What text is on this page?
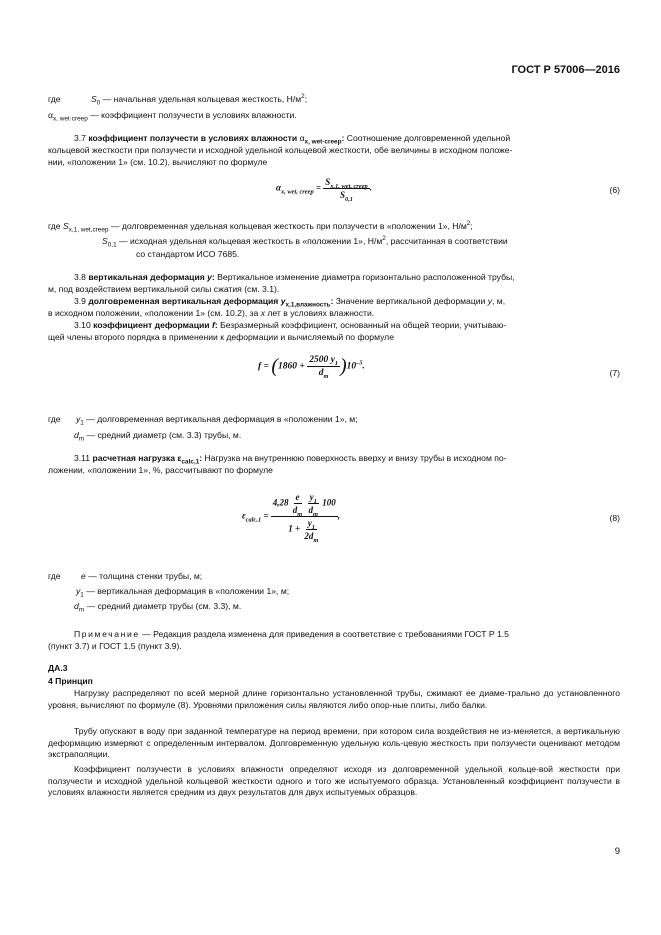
ГОСТ Р 57006—2016
где	$S_0$ — начальная удельная кольцевая жесткость, $Н/м^2$;
$\alpha_{x, wet\cdot creep}$ — коэффициент ползучести в условиях влажности.
3.7 коэффициент ползучести в условиях влажности $\alpha_{x, wet\cdot creep}$: Соотношение долговременной удельной
кольцевой жесткости при ползучести и исходной удельной кольцевой жесткости, обе величины в исходном положе-
нии, «положении 1» (см. 10.2), вычисляют по формуле
$\alpha_{x, wet, creep} = \frac{S_{x,1, wet, creep}}{S_{0,1}}$ .	(6)
где $S_{x,1, wet,creep}$ — долговременная удельная кольцевая жесткость при ползучести в «положении 1», $Н/м^2$;
$S_{0,1}$ — исходная удельная кольцевая жесткость в «положении 1», $Н/м^2$, рассчитанная в соответствии
со стандартом ИСО 7685.
3.8 вертикальная деформация y: Вертикальное изменение диаметра горизонтально расположенной трубы,
м, под воздействием вертикальной силы сжатия (см. 3.1).
3.9 долговременная вертикальная деформация $y_{x,1,влажность}$: Значение вертикальной деформации y, м,
в исходном положении, «положении 1» (см. 10.2), за x лет в условиях влажности.
3.10 коэффициент деформации f: Безразмерный коэффициент, основанный на общей теории, учитываю-
щей члены второго порядка в применении к деформации и вычисляемый по формуле
$f = (1860 + \frac{2500 y_1}{d_m} )10^{-5}$.
(7)
где $y_1$ — долговременная вертикальная деформация в «положении 1», м;
$d_m$ — средний диаметр (см. 3.3) трубы, м.
3.11 расчетная нагрузка $\varepsilon_{calc,1}$: Нагрузка на внутреннюю поверхность вверху и внизу трубы в исходном по-
ложении, «положении 1», %, рассчитывают по формуле
$\varepsilon_{calc,1}$ =
$4,28 \frac{e}{d_m}$
$\frac{y_1}{d_m} 100$
$1 + \frac{y_1}{2d_m}$
,	(8)
где e — толщина стенки трубы, м;
$y_1$ — вертикальная деформация в «положении 1», м;
$d_m$ — средний диаметр трубы (см. 3.3), м.
Примечание — Редакция раздела изменена для приведения в соответствие с требованиями ГОСТ Р 1.5
(пункт 3.7) и ГОСТ 1.5 (пункт 3.9).
ДА.3
4 Принцип
Нагрузку распределяют по всей мерной длине горизонтально установленной трубы, сжимают ее диаме-трально до установленного уровня, вычисляют по формуле (8). Уровнями приложения силы являются либо опор-ные плиты, либо балки.
Трубу опускают в воду при заданной температуре на период времени, при котором сила воздействия не из-меняется, а вертикальную деформацию измеряют с определенным интервалом. Долговременную удельную коль-цевую жесткость при ползучести оценивают методом экстраполяции.
Коэффициент ползучести в условиях влажности определяют исходя из долговременной удельной кольце-вой жесткости при ползучести и исходной удельной кольцевой жесткости одного и того же испытуемого образца. Установленный коэффициент ползучести в условиях влажности является средним из двух результатов для двух испытуемых образцов.
9
